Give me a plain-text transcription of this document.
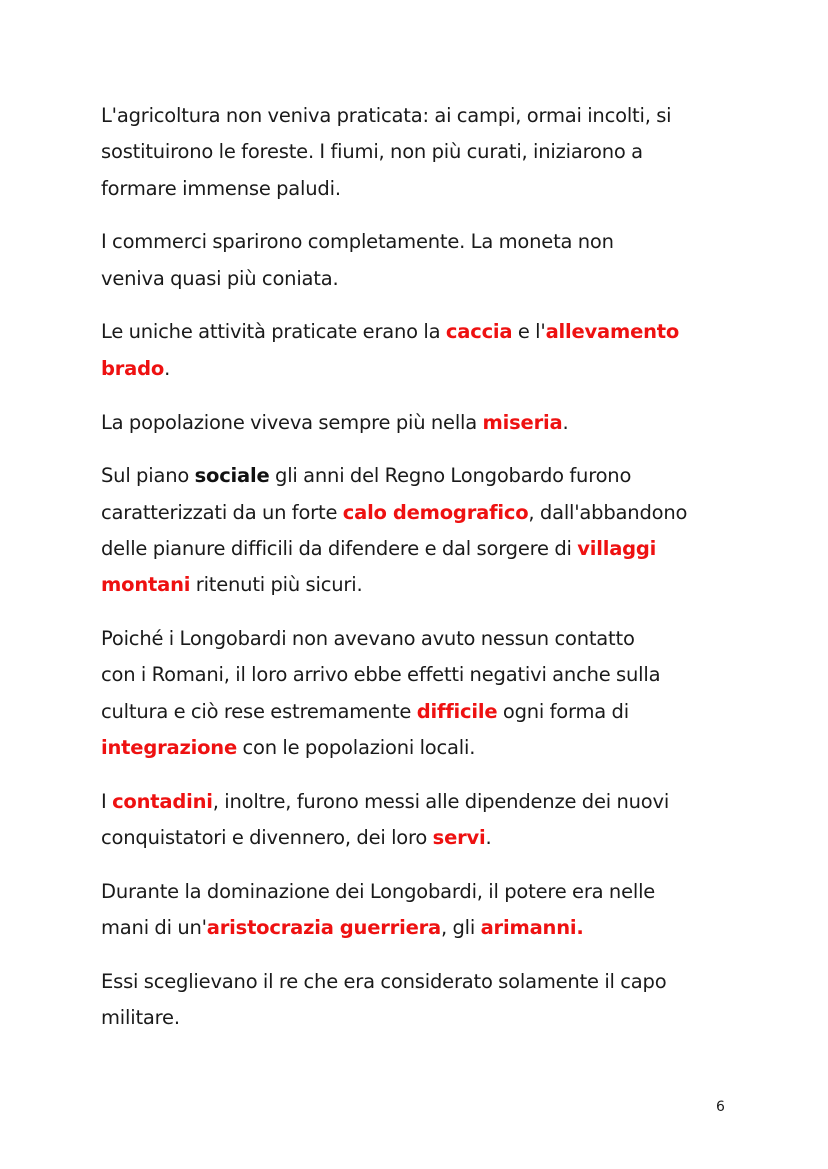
L'agricoltura non veniva praticata: ai campi, ormai incolti, si
sostituirono le foreste. I fiumi, non più curati, iniziarono a
formare immense paludi.

I commerci sparirono completamente. La moneta non
veniva quasi più coniata.

Le uniche attività praticate erano la caccia e l'allevamento
brado.

La popolazione viveva sempre più nella miseria.

Sul piano sociale gli anni del Regno Longobardo furono
caratterizzati da un forte calo demografico, dall'abbandono
delle pianure difficili da difendere e dal sorgere di villaggi
montani ritenuti più sicuri.

Poiché i Longobardi non avevano avuto nessun contatto
con i Romani, il loro arrivo ebbe effetti negativi anche sulla
cultura e ciò rese estremamente difficile ogni forma di
integrazione con le popolazioni locali.

I contadini, inoltre, furono messi alle dipendenze dei nuovi
conquistatori e divennero, dei loro servi.

Durante la dominazione dei Longobardi, il potere era nelle
mani di un'aristocrazia guerriera, gli arimanni.

Essi sceglievano il re che era considerato solamente il capo
militare.

6
